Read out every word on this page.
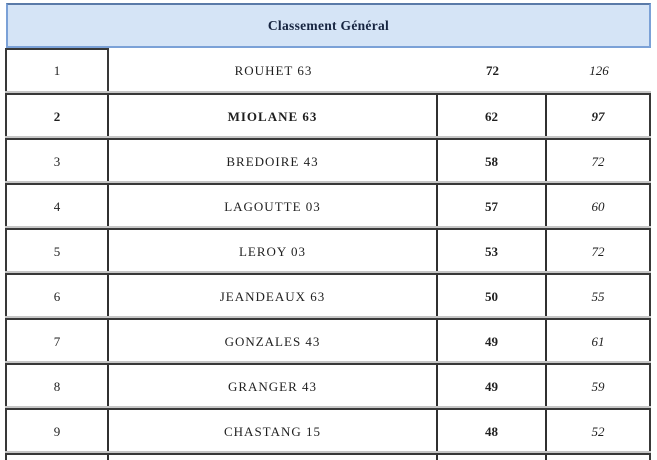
Classement Général
1	ROUHET 63	72	126
2	MIOLANE 63	62	97
3	BREDOIRE 43	58	72
4	LAGOUTTE 03	57	60
5	LEROY 03	53	72
6	JEANDEAUX 63	50	55
7	GONZALES 43	49	61
8	GRANGER 43	49	59
9	CHASTANG 15	48	52
